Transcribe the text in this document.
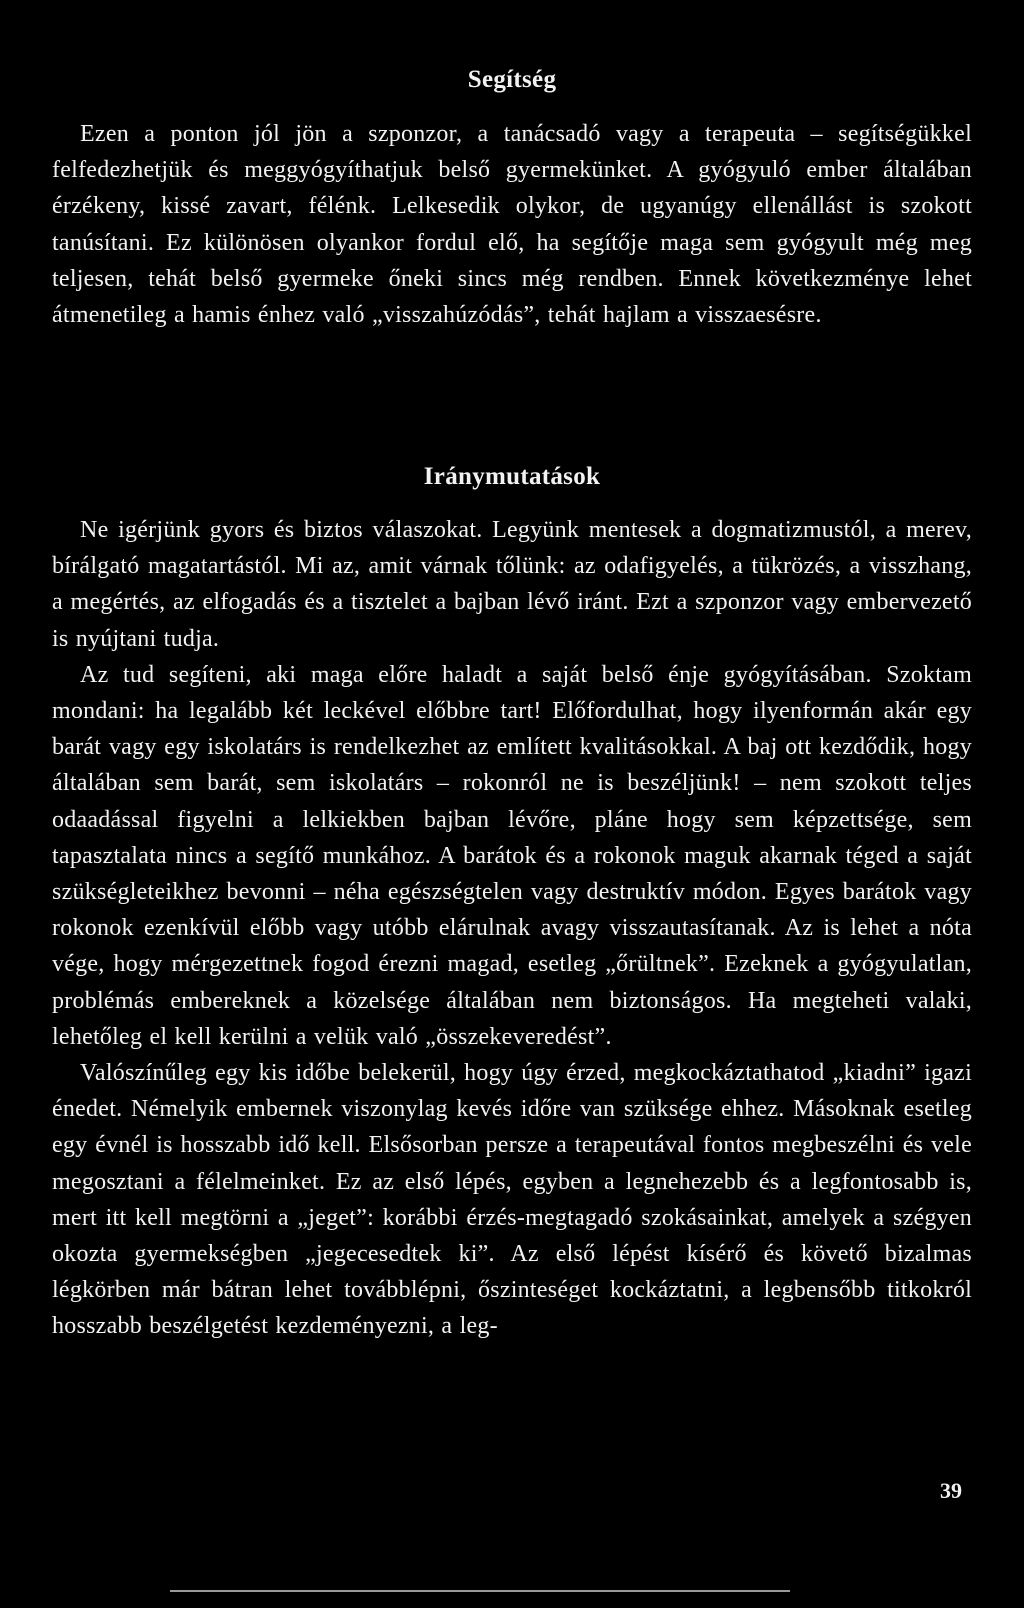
Segítség

Ezen a ponton jól jön a szponzor, a tanácsadó vagy a terapeuta – segítségükkel felfedezhetjük és meggyógyíthatjuk belső gyermekünket. A gyógyuló ember általában érzékeny, kissé zavart, félénk. Lelkesedik olykor, de ugyanúgy ellenállást is szokott tanúsítani. Ez különösen olyankor fordul elő, ha segítője maga sem gyógyult még meg teljesen, tehát belső gyermeke őneki sincs még rendben. Ennek következménye lehet átmenetileg a hamis énhez való „visszahúzódás”, tehát hajlam a visszaesésre.

Iránymutatások

Ne igérjünk gyors és biztos válaszokat. Legyünk mentesek a dogmatizmustól, a merev, bírálgató magatartástól. Mi az, amit várnak tőlünk: az odafigyelés, a tükrözés, a visszhang, a megértés, az elfogadás és a tisztelet a bajban lévő iránt. Ezt a szponzor vagy embervezető is nyújtani tudja.

Az tud segíteni, aki maga előre haladt a saját belső énje gyógyításában. Szoktam mondani: ha legalább két leckével előbbre tart! Előfordulhat, hogy ilyenformán akár egy barát vagy egy iskolatárs is rendelkezhet az említett kvalitásokkal. A baj ott kezdődik, hogy általában sem barát, sem iskolatárs – rokonról ne is beszéljünk! – nem szokott teljes odaadással figyelni a lelkiekben bajban lévőre, pláne hogy sem képzettsége, sem tapasztalata nincs a segítő munkához. A barátok és a rokonok maguk akarnak téged a saját szükségleteikhez bevonni – néha egészségtelen vagy destruktív módon. Egyes barátok vagy rokonok ezenkívül előbb vagy utóbb elárulnak avagy visszautasítanak. Az is lehet a nóta vége, hogy mérgezettnek fogod érezni magad, esetleg „őrültnek”. Ezeknek a gyógyulatlan, problémás embereknek a közelsége általában nem biztonságos. Ha megteheti valaki, lehetőleg el kell kerülni a velük való „összekeveredést”.

Valószínűleg egy kis időbe belekerül, hogy úgy érzed, megkockáztathatod „kiadni” igazi énedet. Némelyik embernek viszonylag kevés időre van szüksége ehhez. Másoknak esetleg egy évnél is hosszabb idő kell. Elsősorban persze a terapeutával fontos megbeszélni és vele megosztani a félelmeinket. Ez az első lépés, egyben a legnehezebb és a legfontosabb is, mert itt kell megtörni a „jeget”: korábbi érzés-megtagadó szokásainkat, amelyek a szégyen okozta gyermekségben „jegecesedtek ki”. Az első lépést kísérő és követő bizalmas légkörben már bátran lehet továbblépni, őszinteséget kockáztatni, a legbensőbb titkokról hosszabb beszélgetést kezdeményezni, a leg-

39
